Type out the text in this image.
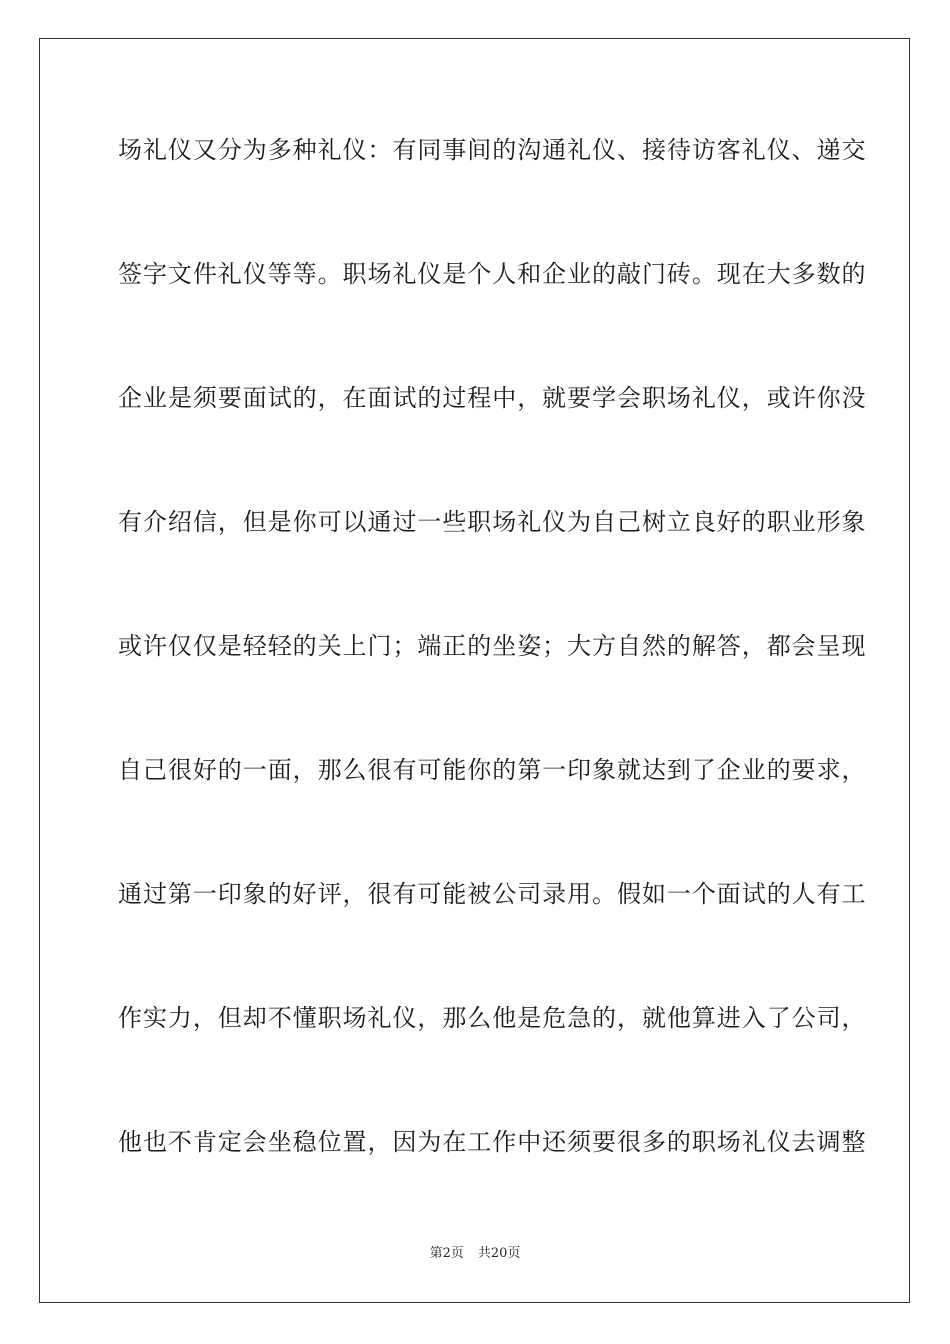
场礼仪又分为多种礼仪：有同事间的沟通礼仪、接待访客礼仪、递交
签字文件礼仪等等。职场礼仪是个人和企业的敲门砖。现在大多数的
企业是须要面试的，在面试的过程中，就要学会职场礼仪，或许你没
有介绍信，但是你可以通过一些职场礼仪为自己树立良好的职业形象
或许仅仅是轻轻的关上门；端正的坐姿；大方自然的解答，都会呈现
自己很好的一面，那么很有可能你的第一印象就达到了企业的要求，
通过第一印象的好评，很有可能被公司录用。假如一个面试的人有工
作实力，但却不懂职场礼仪，那么他是危急的，就他算进入了公司，
他也不肯定会坐稳位置，因为在工作中还须要很多的职场礼仪去调整
第2页 共20页
